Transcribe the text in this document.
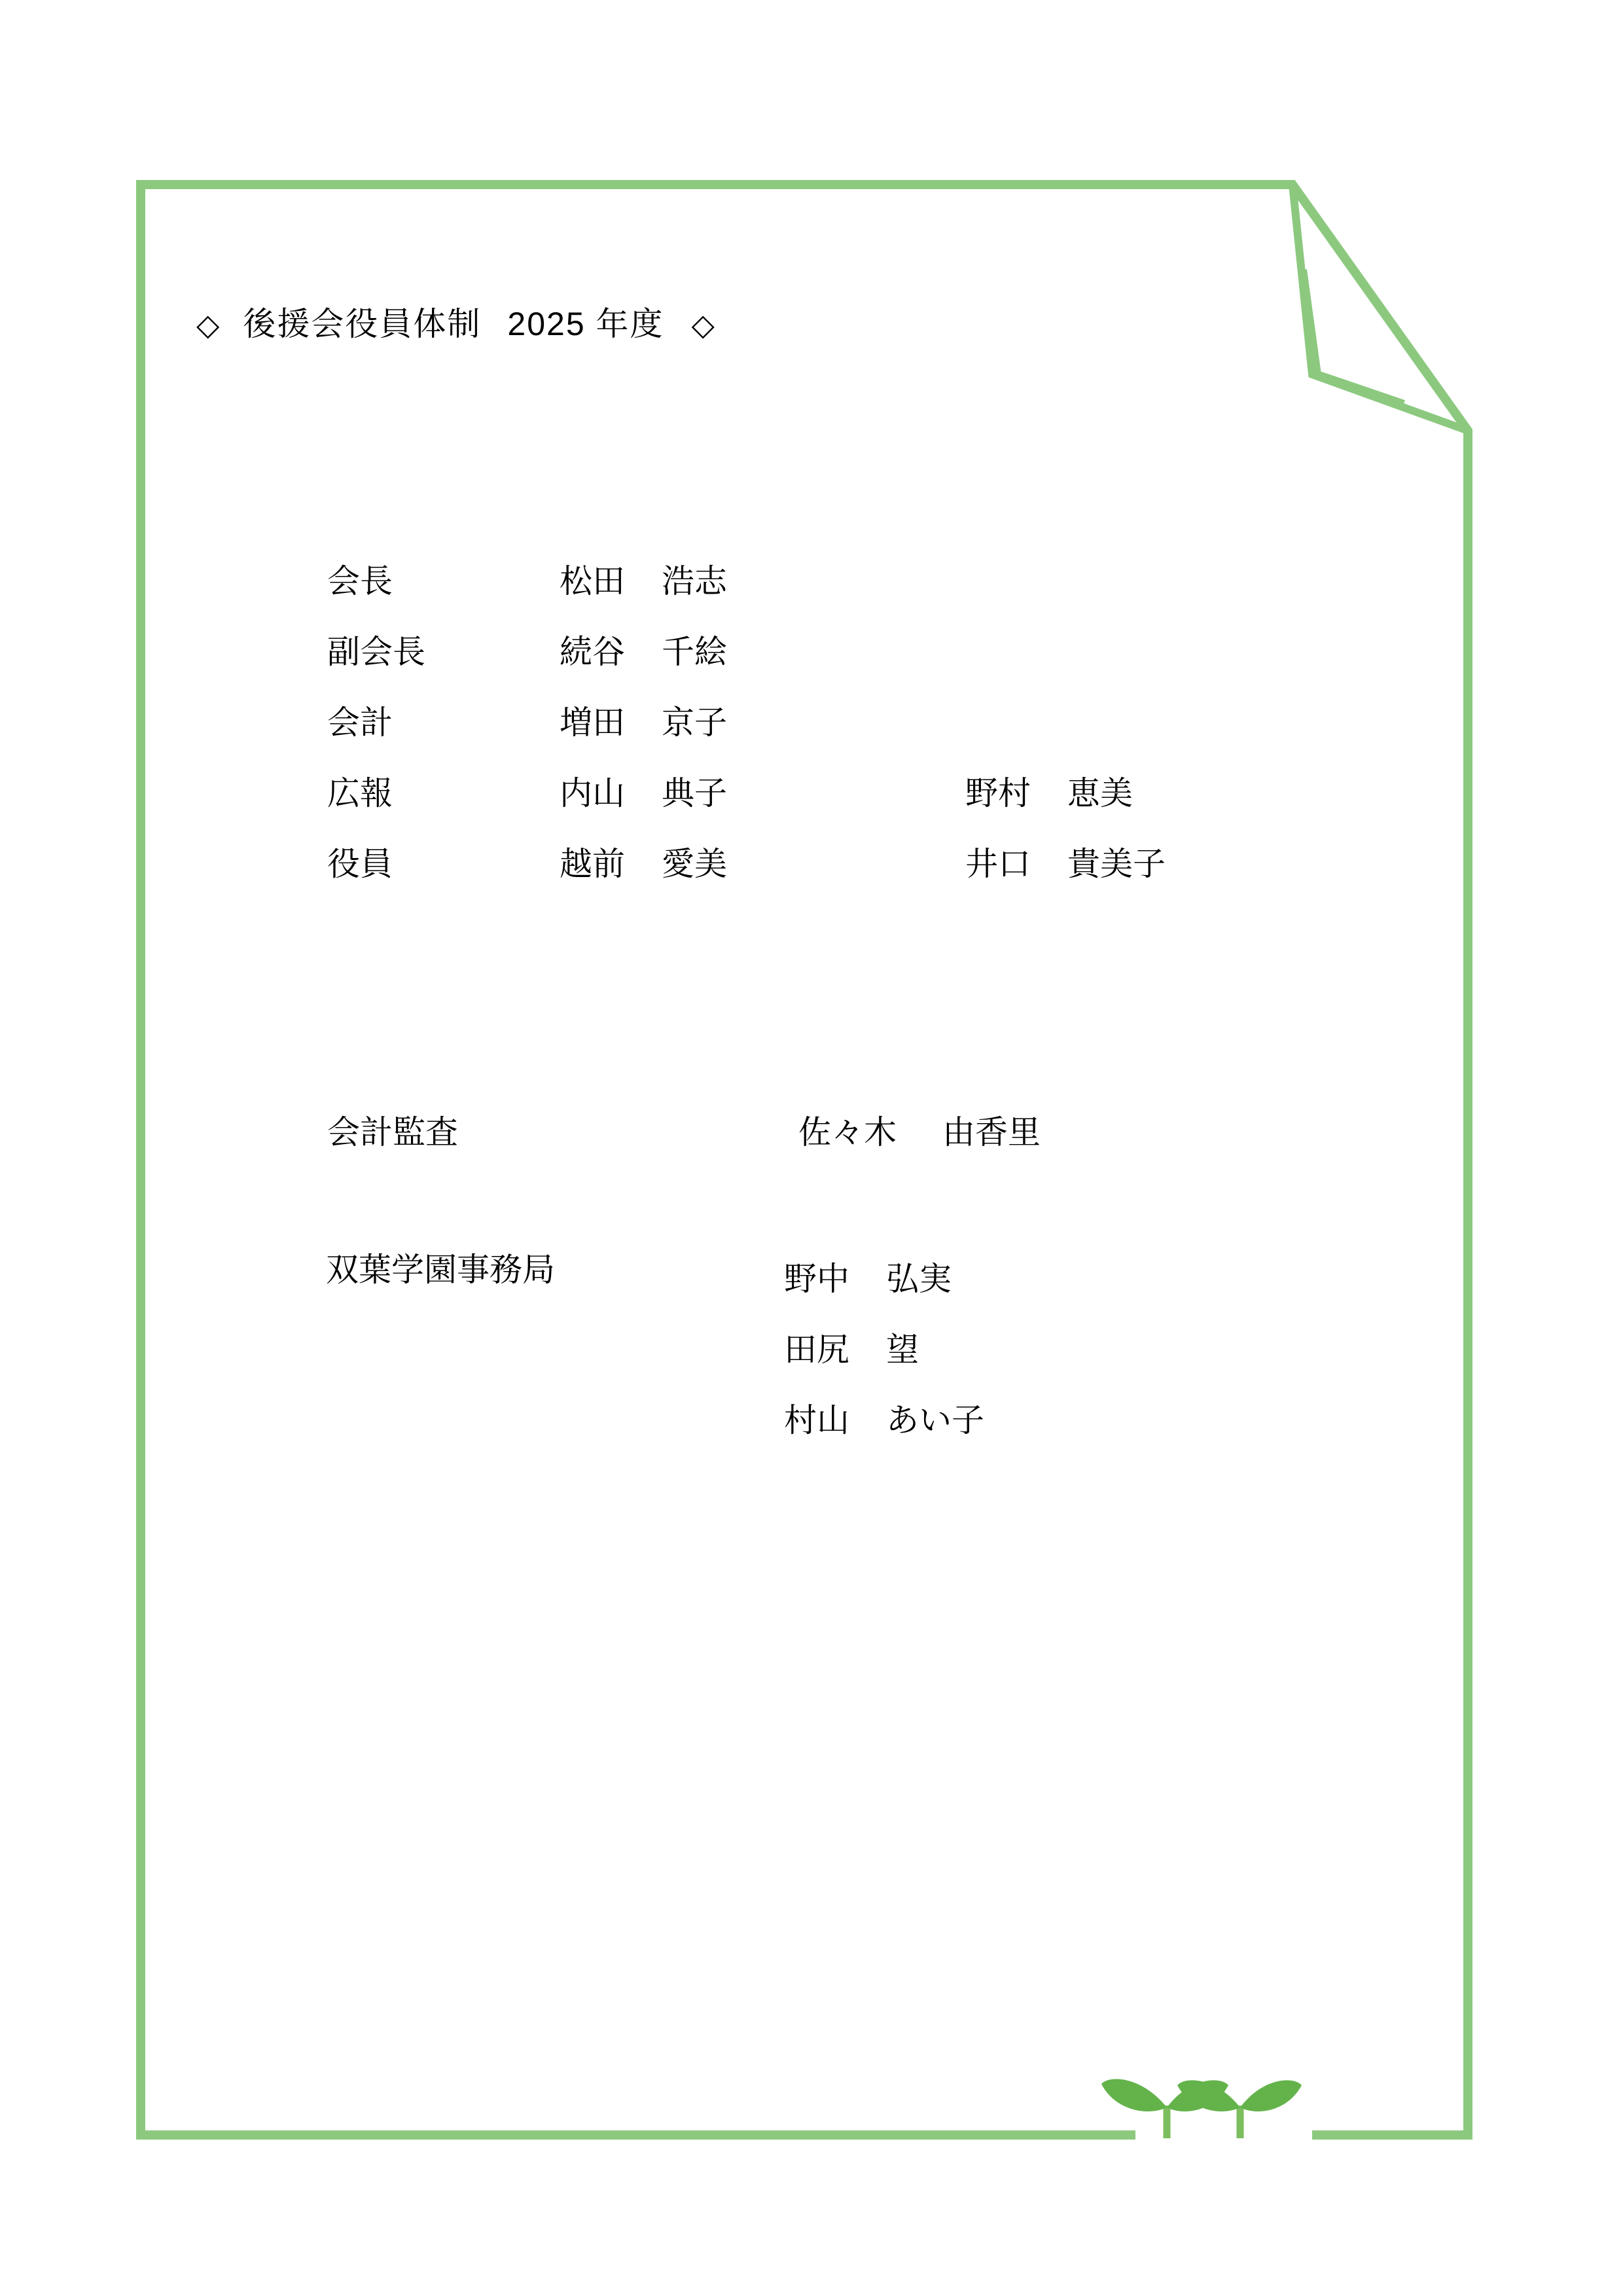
◇ 後援会役員体制 2025 年度 ◇
会長	松田 浩志	
副会長	続谷 千絵	
会計	増田 京子	
広報	内山 典子	野村 恵美
役員	越前 愛美	井口 貴美子
会計監査	佐々木 由香里
双葉学園事務局	野中 弘実
田尻 望
村山 あい子
